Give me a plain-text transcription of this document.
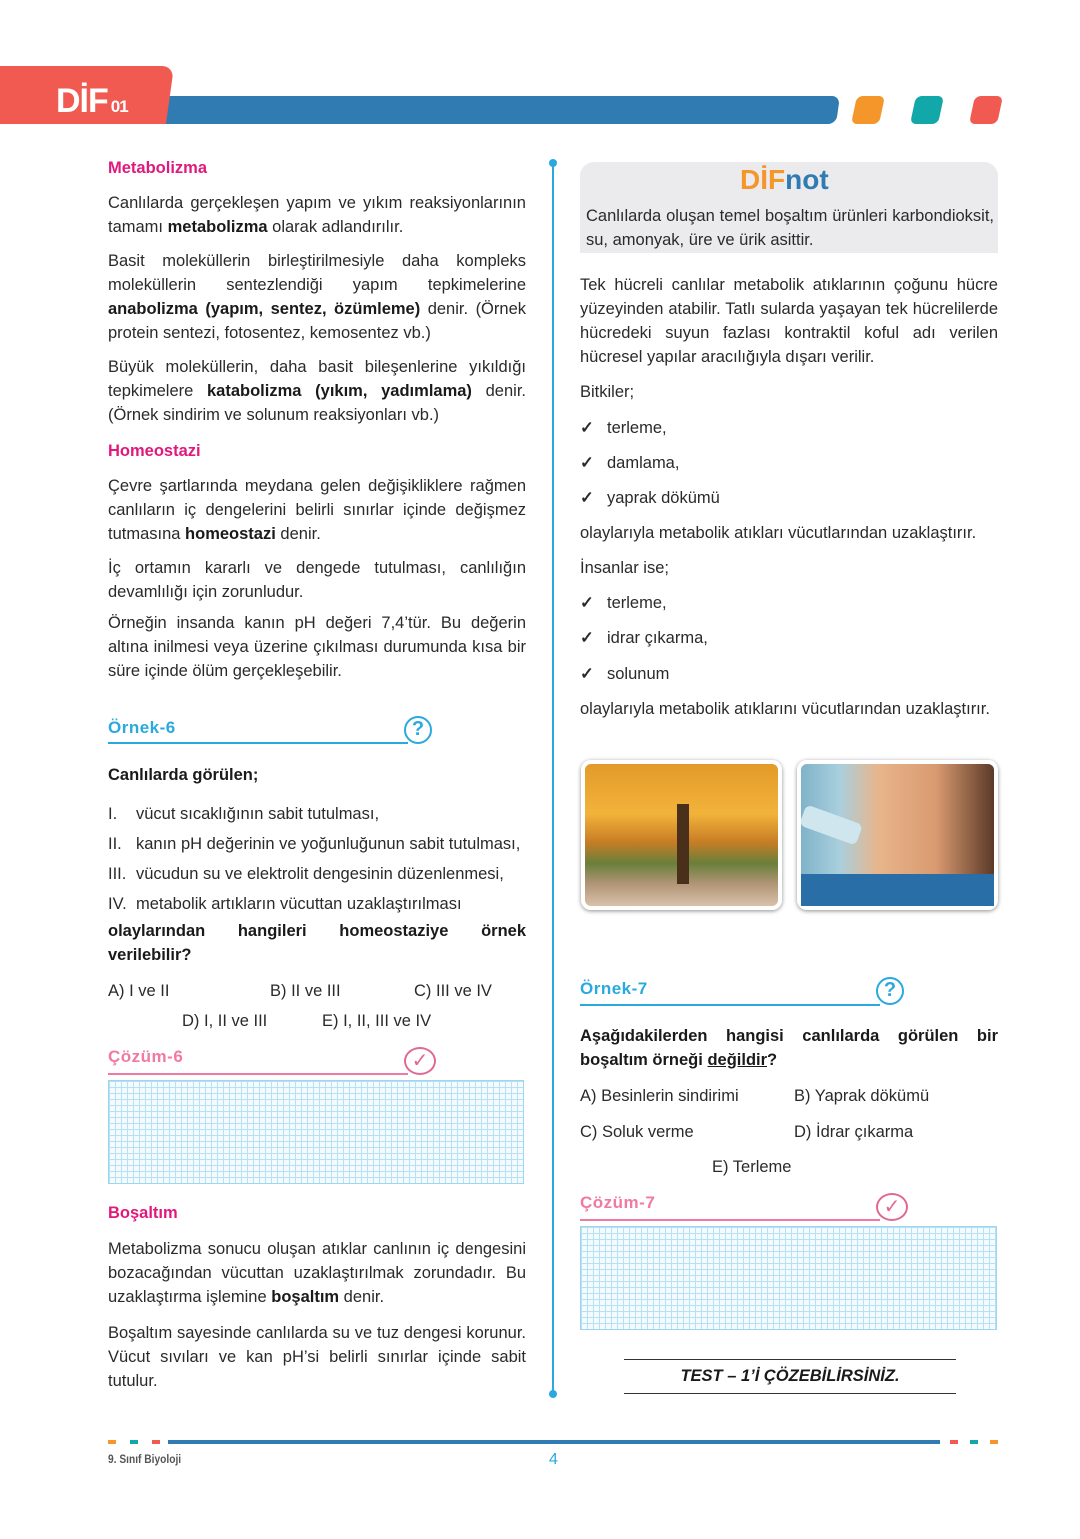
DİF 01
Metabolizma
Canlılarda gerçekleşen yapım ve yıkım reaksiyonlarının tamamı metabolizma olarak adlandırılır.
Basit moleküllerin birleştirilmesiyle daha kompleks moleküllerin sentezlendiği yapım tepkimelerine anabolizma (yapım, sentez, özümleme) denir. (Örnek protein sentezi, fotosentez, kemosentez vb.)
Büyük moleküllerin, daha basit bileşenlerine yıkıldığı tepkimelere katabolizma (yıkım, yadımlama) denir. (Örnek sindirim ve solunum reaksiyonları vb.)
Homeostazi
Çevre şartlarında meydana gelen değişikliklere rağmen canlıların iç dengelerini belirli sınırlar içinde değişmez tutmasına homeostazi denir.
İç ortamın kararlı ve dengede tutulması, canlılığın devamlılığı için zorunludur.
Örneğin insanda kanın pH değeri 7,4’tür. Bu değerin altına inilmesi veya üzerine çıkılması durumunda kısa bir süre içinde ölüm gerçekleşebilir.
Örnek-6	?
Canlılarda görülen;
I. vücut sıcaklığının sabit tutulması,
II. kanın pH değerinin ve yoğunluğunun sabit tutulması,
III. vücudun su ve elektrolit dengesinin düzenlenmesi,
IV. metabolik artıkların vücuttan uzaklaştırılması
olaylarından hangileri homeostaziye örnek verilebilir?
A) I ve II	B) II ve III	C) III ve IV
D) I, II ve III	E) I, II, III ve IV
Çözüm-6	✓
Boşaltım
Metabolizma sonucu oluşan atıklar canlının iç dengesini bozacağından vücuttan uzaklaştırılmak zorundadır. Bu uzaklaştırma işlemine boşaltım denir.
Boşaltım sayesinde canlılarda su ve tuz dengesi korunur. Vücut sıvıları ve kan pH’si belirli sınırlar içinde sabit tutulur.
DİFnot
Canlılarda oluşan temel boşaltım ürünleri karbondioksit, su, amonyak, üre ve ürik asittir.
Tek hücreli canlılar metabolik atıklarının çoğunu hücre yüzeyinden atabilir. Tatlı sularda yaşayan tek hücrelilerde hücredeki suyun fazlası kontraktil koful adı verilen hücresel yapılar aracılığıyla dışarı verilir.
Bitkiler;
✓ terleme,
✓ damlama,
✓ yaprak dökümü
olaylarıyla metabolik atıkları vücutlarından uzaklaştırır.
İnsanlar ise;
✓ terleme,
✓ idrar çıkarma,
✓ solunum
olaylarıyla metabolik atıklarını vücutlarından uzaklaştırır.
Örnek-7	?
Aşağıdakilerden hangisi canlılarda görülen bir boşaltım örneği değildir?
A) Besinlerin sindirimi	B) Yaprak dökümü
C) Soluk verme	D) İdrar çıkarma
E) Terleme
Çözüm-7	✓
TEST – 1’İ ÇÖZEBİLİRSİNİZ.
9. Sınıf Biyoloji	4
